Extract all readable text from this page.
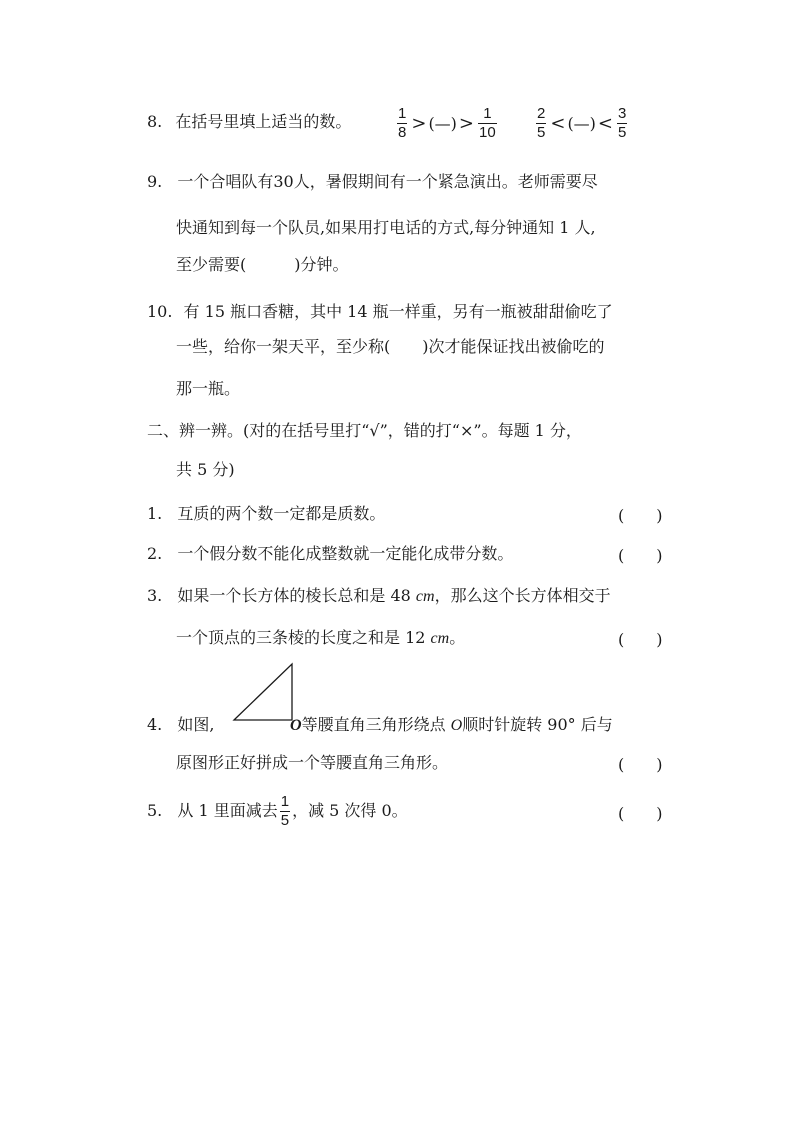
8. 在括号里填上适当的数。	$\frac{1}{8}$ > (—) > $\frac{1}{10}$	$\frac{2}{5}$ < (—) < $\frac{3}{5}$
9. 一个合唱队有30人，暑假期间有一个紧急演出。老师需要尽
快通知到每一个队员,如果用打电话的方式,每分钟通知 1 人,
至少需要(　　　)分钟。
10. 有 15 瓶口香糖，其中 14 瓶一样重，另有一瓶被甜甜偷吃了
一些，给你一架天平，至少称(　　)次才能保证找出被偷吃的
那一瓶。
二、辨一辨。(对的在括号里打“√”，错的打“×”。每题 1 分，
共 5 分)
1. 互质的两个数一定都是质数。	(　　)
2. 一个假分数不能化成整数就一定能化成带分数。	(　　)
3. 如果一个长方体的棱长总和是 48 cm，那么这个长方体相交于
一个顶点的三条棱的长度之和是 12 cm。	(　　)
4. 如图,	O等腰直角三角形绕点 O顺时针旋转 90° 后与
原图形正好拼成一个等腰直角三角形。	(　　)
5. 从 1 里面减去 $\frac{1}{5}$ ，减 5 次得 0。	(　　)
